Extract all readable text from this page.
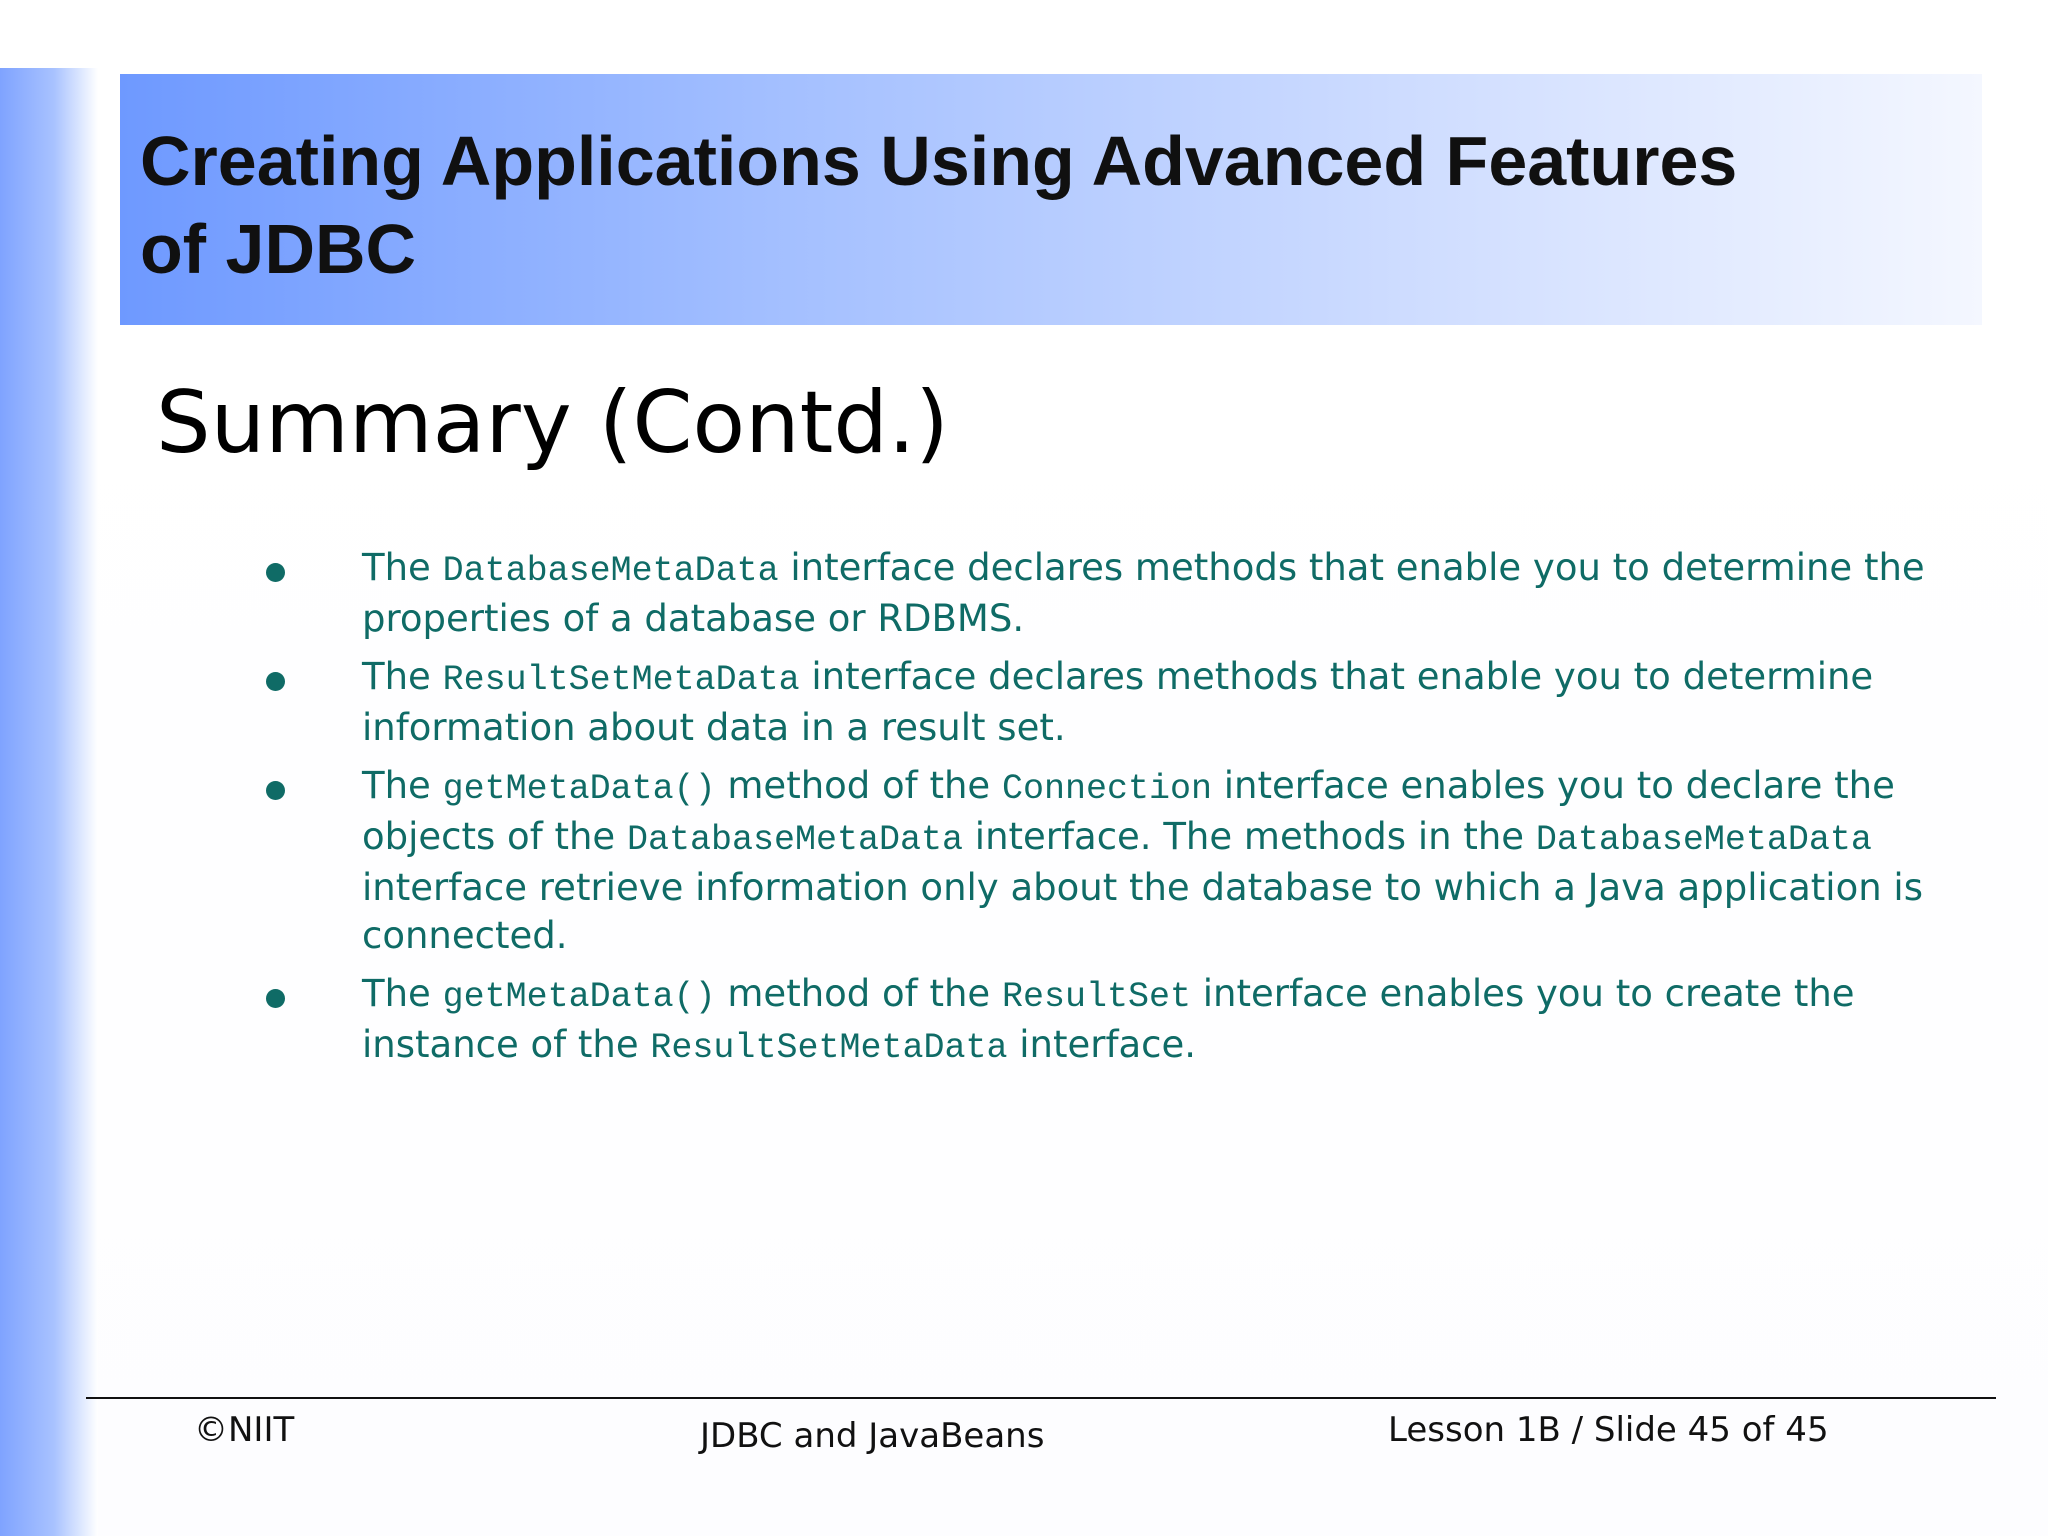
Creating Applications Using Advanced Features
of JDBC
Summary (Contd.)
The DatabaseMetaData interface declares methods that enable you to determine the properties of a database or RDBMS.
The ResultSetMetaData interface declares methods that enable you to determine information about data in a result set.
The getMetaData() method of the Connection interface enables you to declare the objects of the DatabaseMetaData interface. The methods in the DatabaseMetaData interface retrieve information only about the database to which a Java application is connected.
The getMetaData() method of the ResultSet interface enables you to create the instance of the ResultSetMetaData interface.
©NIIT	JDBC and JavaBeans	Lesson 1B / Slide 45 of 45
